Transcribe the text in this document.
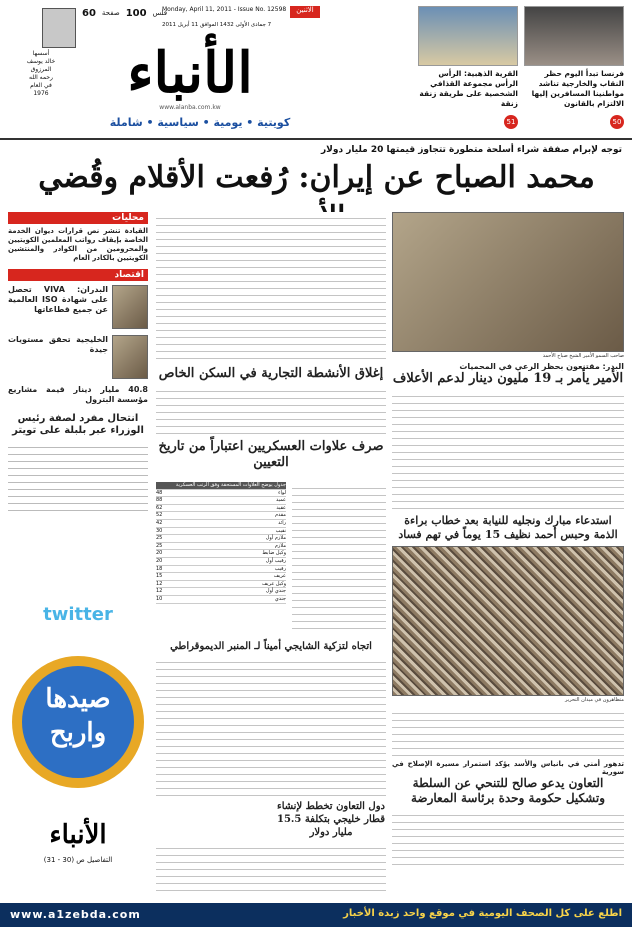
الاثنين
Monday, April 11, 2011 - Issue No. 12598
60 صفحة 100 فلس
7 جمادى الأولى 1432 الموافق 11 أبريل 2011
أسسها
خالد يوسف
المرزوق
رحمه الله
في العام
1976	الأنباء
www.alanba.com.kw
كويتية • يومية • سياسية • شاملة
فرنسا تبدأ اليوم حظر النقاب والخارجية تناشد مواطنينا المسافرين إليها الالتزام بالقانون
50
القرية الذهبية: الرأس الرأس مجموعة القذافي الشخصية على طريقة زنقة زنقة
51
توجه لإبرام صفقة شراء أسلحة متطورة تتجاوز قيمتها 20 مليار دولار
محمد الصباح عن إيران: رُفعت الأقلام وقُضي
محليات
القيادة تنشر نص قرارات ديوان الخدمة الخاصة بإيقاف رواتب المعلمين الكويتيين والمحرومين من الكوادر والمنتشين الكويتيين بالكادر العام
اقتصاد
البدران: VIVA تحصل على شهادة ISO العالمية عن جميع قطاعاتها
الخليجية تحقق مستويات جيدة
40.8 مليار دينار قيمة مشاريع مؤسسة البترول
انتحال مفرد لصفة رئيس الوزراء عبر بلبلة على تويتر
twitter
إغلاق الأنشطة التجارية في السكن الخاص
صرف علاوات العسكريين اعتباراً من تاريخ التعيين
جدول يوضح العلاوات المستحقة وفق الرتب العسكرية
لواء
48
عميد
88
عقيد
62
مقدم
52
رائد
42
نقيب
30
ملازم أول
25
ملازم
25
وكيل ضابط
20
رقيب أول
20
رقيب
18
عريف
15
وكيل عريف
12
جندي أول
12
جندي
10
اتجاه لتزكية الشايجي أميناً لـ المنبر الديموقراطي
دول التعاون تخطط لإنشاء قطار خليجي بتكلفة 15.5 مليار دولار
صاحب السمو الأمير الشيخ صباح الأحمد
البدر: مقتنعون بحظر الرعي في المحميات
الأمير يأمر بـ 19 مليون دينار لدعم الأعلاف
استدعاء مبارك ونجليه للنيابة بعد خطاب براءة الذمة وحبس أحمد نظيف 15 يوماً في تهم فساد
متظاهرون في ميدان التحرير
تدهور أمني في بانياس والأسد يؤكد استمرار مسيرة الإصلاح في سورية
التعاون يدعو صالح للتنحي عن السلطة وتشكيل حكومة وحدة برئاسة المعارضة
صيدها
واربح
الأنباء
التفاصيل ص (30 - 31)
www.a1zebda.com	اطلع على كل الصحف اليومية في موقع واحد زبدة الأخبار
